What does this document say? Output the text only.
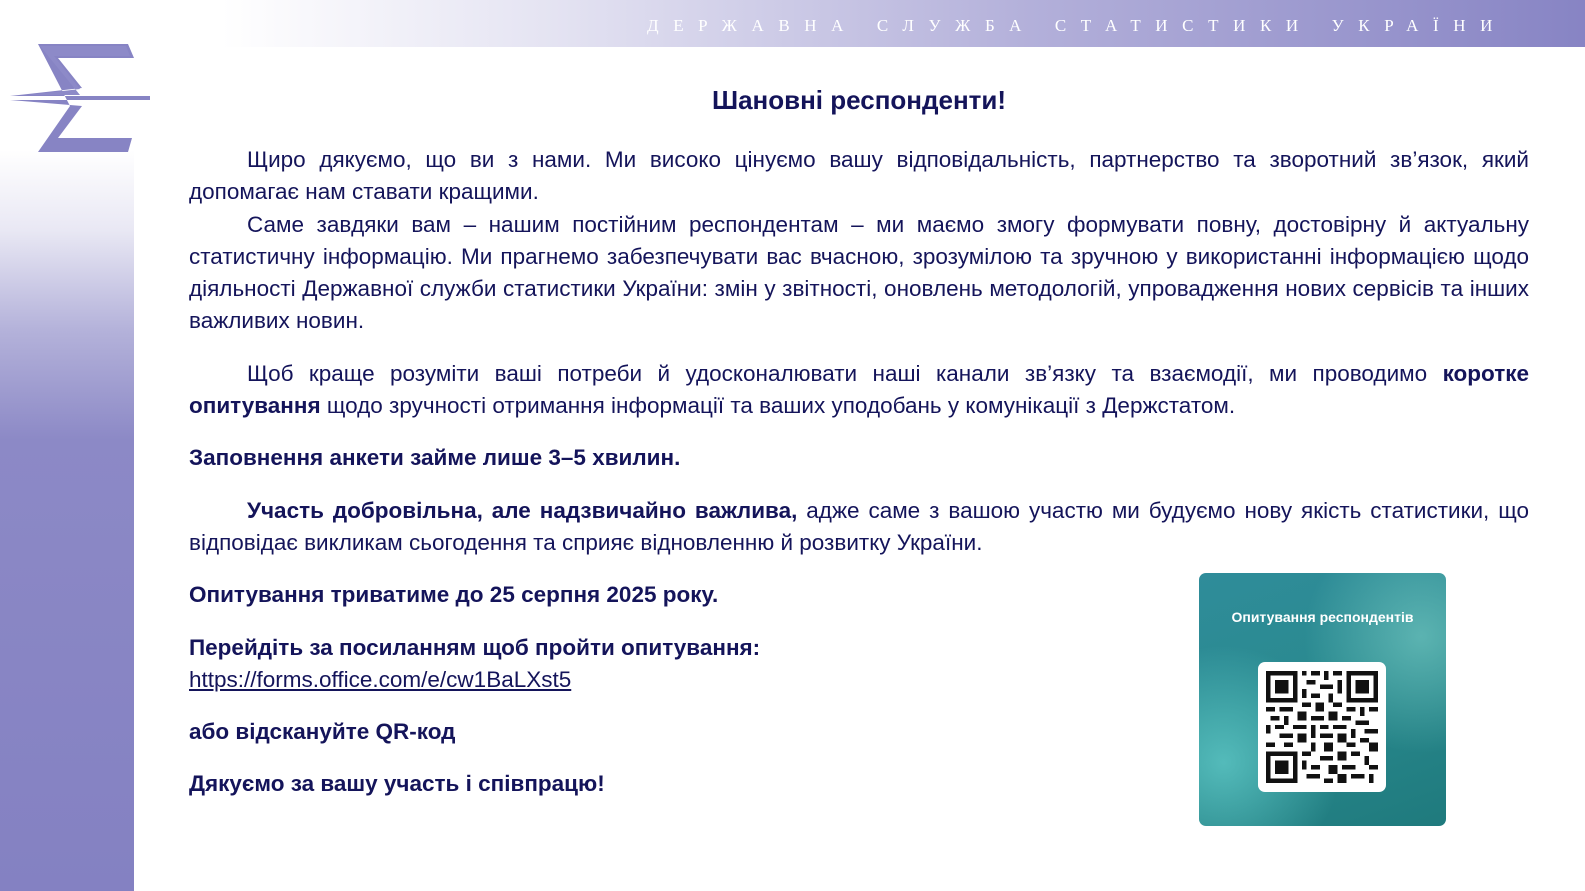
ДЕРЖАВНА СЛУЖБА СТАТИСТИКИ УКРАЇНИ

Шановні респонденти!

Щиро дякуємо, що ви з нами. Ми високо цінуємо вашу відповідальність, партнерство та зворотний зв’язок, який допомагає нам ставати кращими.

Саме завдяки вам – нашим постійним респондентам – ми маємо змогу формувати повну, достовірну й актуальну статистичну інформацію. Ми прагнемо забезпечувати вас вчасною, зрозумілою та зручною у використанні інформацією щодо діяльності Державної служби статистики України: змін у звітності, оновлень методологій, упровадження нових сервісів та інших важливих новин.

Щоб краще розуміти ваші потреби й удосконалювати наші канали зв’язку та взаємодії, ми проводимо коротке опитування щодо зручності отримання інформації та ваших уподобань у комунікації з Держстатом.

Заповнення анкети займе лише 3–5 хвилин.

Участь добровільна, але надзвичайно важлива, адже саме з вашою участю ми будуємо нову якість статистики, що відповідає викликам сьогодення та сприяє відновленню й розвитку України.

Опитування триватиме до 25 серпня 2025 року.

Перейдіть за посиланням щоб пройти опитування:

https://forms.office.com/e/cw1BaLXst5

або відскануйте QR-код

Дякуємо за вашу участь і співпрацю!

Опитування респондентів
